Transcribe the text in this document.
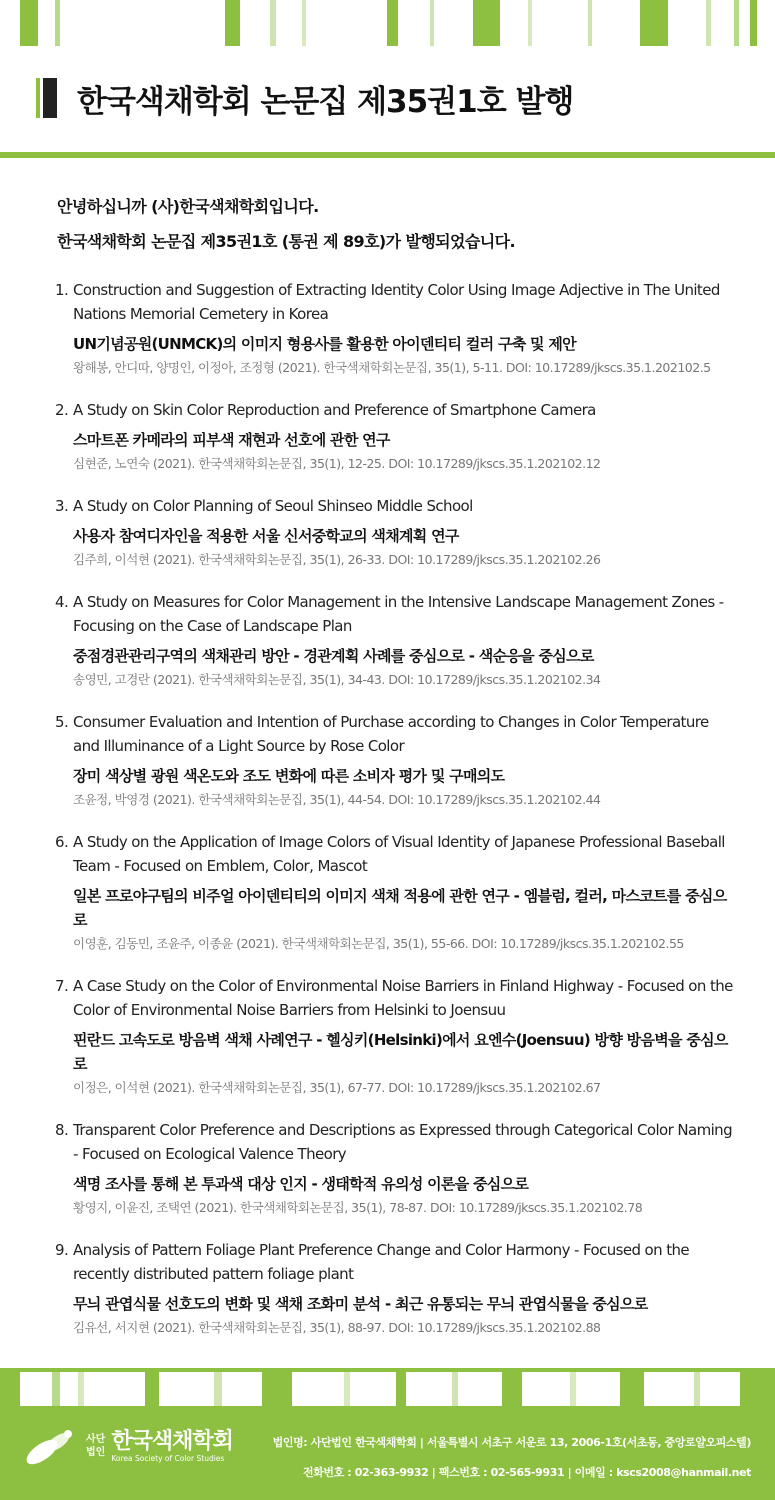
한국색채학회 논문집 제35권1호 발행

안녕하십니까 (사)한국색채학회입니다.

한국색채학회 논문집 제35권1호 (통권 제 89호)가 발행되었습니다.

1. Construction and Suggestion of Extracting Identity Color Using Image Adjective in The United Nations Memorial Cemetery in Korea
UN기념공원(UNMCK)의 이미지 형용사를 활용한 아이덴티티 컬러 구축 및 제안
왕해봉, 안디따, 양명인, 이정아, 조정형 (2021). 한국색채학회논문집, 35(1), 5-11. DOI: 10.17289/jkscs.35.1.202102.5
2. A Study on Skin Color Reproduction and Preference of Smartphone Camera
스마트폰 카메라의 피부색 재현과 선호에 관한 연구
심현준, 노연숙 (2021). 한국색채학회논문집, 35(1), 12-25. DOI: 10.17289/jkscs.35.1.202102.12
3. A Study on Color Planning of Seoul Shinseo Middle School
사용자 참여디자인을 적용한 서울 신서중학교의 색채계획 연구
김주희, 이석현 (2021). 한국색채학회논문집, 35(1), 26-33. DOI: 10.17289/jkscs.35.1.202102.26
4. A Study on Measures for Color Management in the Intensive Landscape Management Zones - Focusing on the Case of Landscape Plan
중점경관관리구역의 색채관리 방안 - 경관계획 사례를 중심으로 - 색순응을 중심으로
송영민, 고경란 (2021). 한국색채학회논문집, 35(1), 34-43. DOI: 10.17289/jkscs.35.1.202102.34
5. Consumer Evaluation and Intention of Purchase according to Changes in Color Temperature and Illuminance of a Light Source by Rose Color
장미 색상별 광원 색온도와 조도 변화에 따른 소비자 평가 및 구매의도
조윤정, 박영경 (2021). 한국색채학회논문집, 35(1), 44-54. DOI: 10.17289/jkscs.35.1.202102.44
6. A Study on the Application of Image Colors of Visual Identity of Japanese Professional Baseball Team - Focused on Emblem, Color, Mascot
일본 프로야구팀의 비주얼 아이덴티티의 이미지 색채 적용에 관한 연구 - 엠블럼, 컬러, 마스코트를 중심으로
이영훈, 김동민, 조윤주, 이종윤 (2021). 한국색채학회논문집, 35(1), 55-66. DOI: 10.17289/jkscs.35.1.202102.55
7. A Case Study on the Color of Environmental Noise Barriers in Finland Highway - Focused on the Color of Environmental Noise Barriers from Helsinki to Joensuu
핀란드 고속도로 방음벽 색채 사례연구 - 헬싱키(Helsinki)에서 요엔수(Joensuu) 방향 방음벽을 중심으로
이정은, 이석현 (2021). 한국색채학회논문집, 35(1), 67-77. DOI: 10.17289/jkscs.35.1.202102.67
8. Transparent Color Preference and Descriptions as Expressed through Categorical Color Naming - Focused on Ecological Valence Theory
색명 조사를 통해 본 투과색 대상 인지 - 생태학적 유의성 이론을 중심으로
황영지, 이윤진, 조택연 (2021). 한국색채학회논문집, 35(1), 78-87. DOI: 10.17289/jkscs.35.1.202102.78
9. Analysis of Pattern Foliage Plant Preference Change and Color Harmony - Focused on the recently distributed pattern foliage plant
무늬 관엽식물 선호도의 변화 및 색채 조화미 분석 - 최근 유통되는 무늬 관엽식물을 중심으로
김유선, 서지현 (2021). 한국색채학회논문집, 35(1), 88-97. DOI: 10.17289/jkscs.35.1.202102.88
사단
법인 한국색채학회
Korea Society of Color Studies
법인명: 사단법인 한국색채학회 | 서울특별시 서초구 서운로 13, 2006-1호(서초동, 중앙로얄오피스텔)
전화번호 : 02-363-9932 | 팩스번호 : 02-565-9931 | 이메일 : kscs2008@hanmail.net
